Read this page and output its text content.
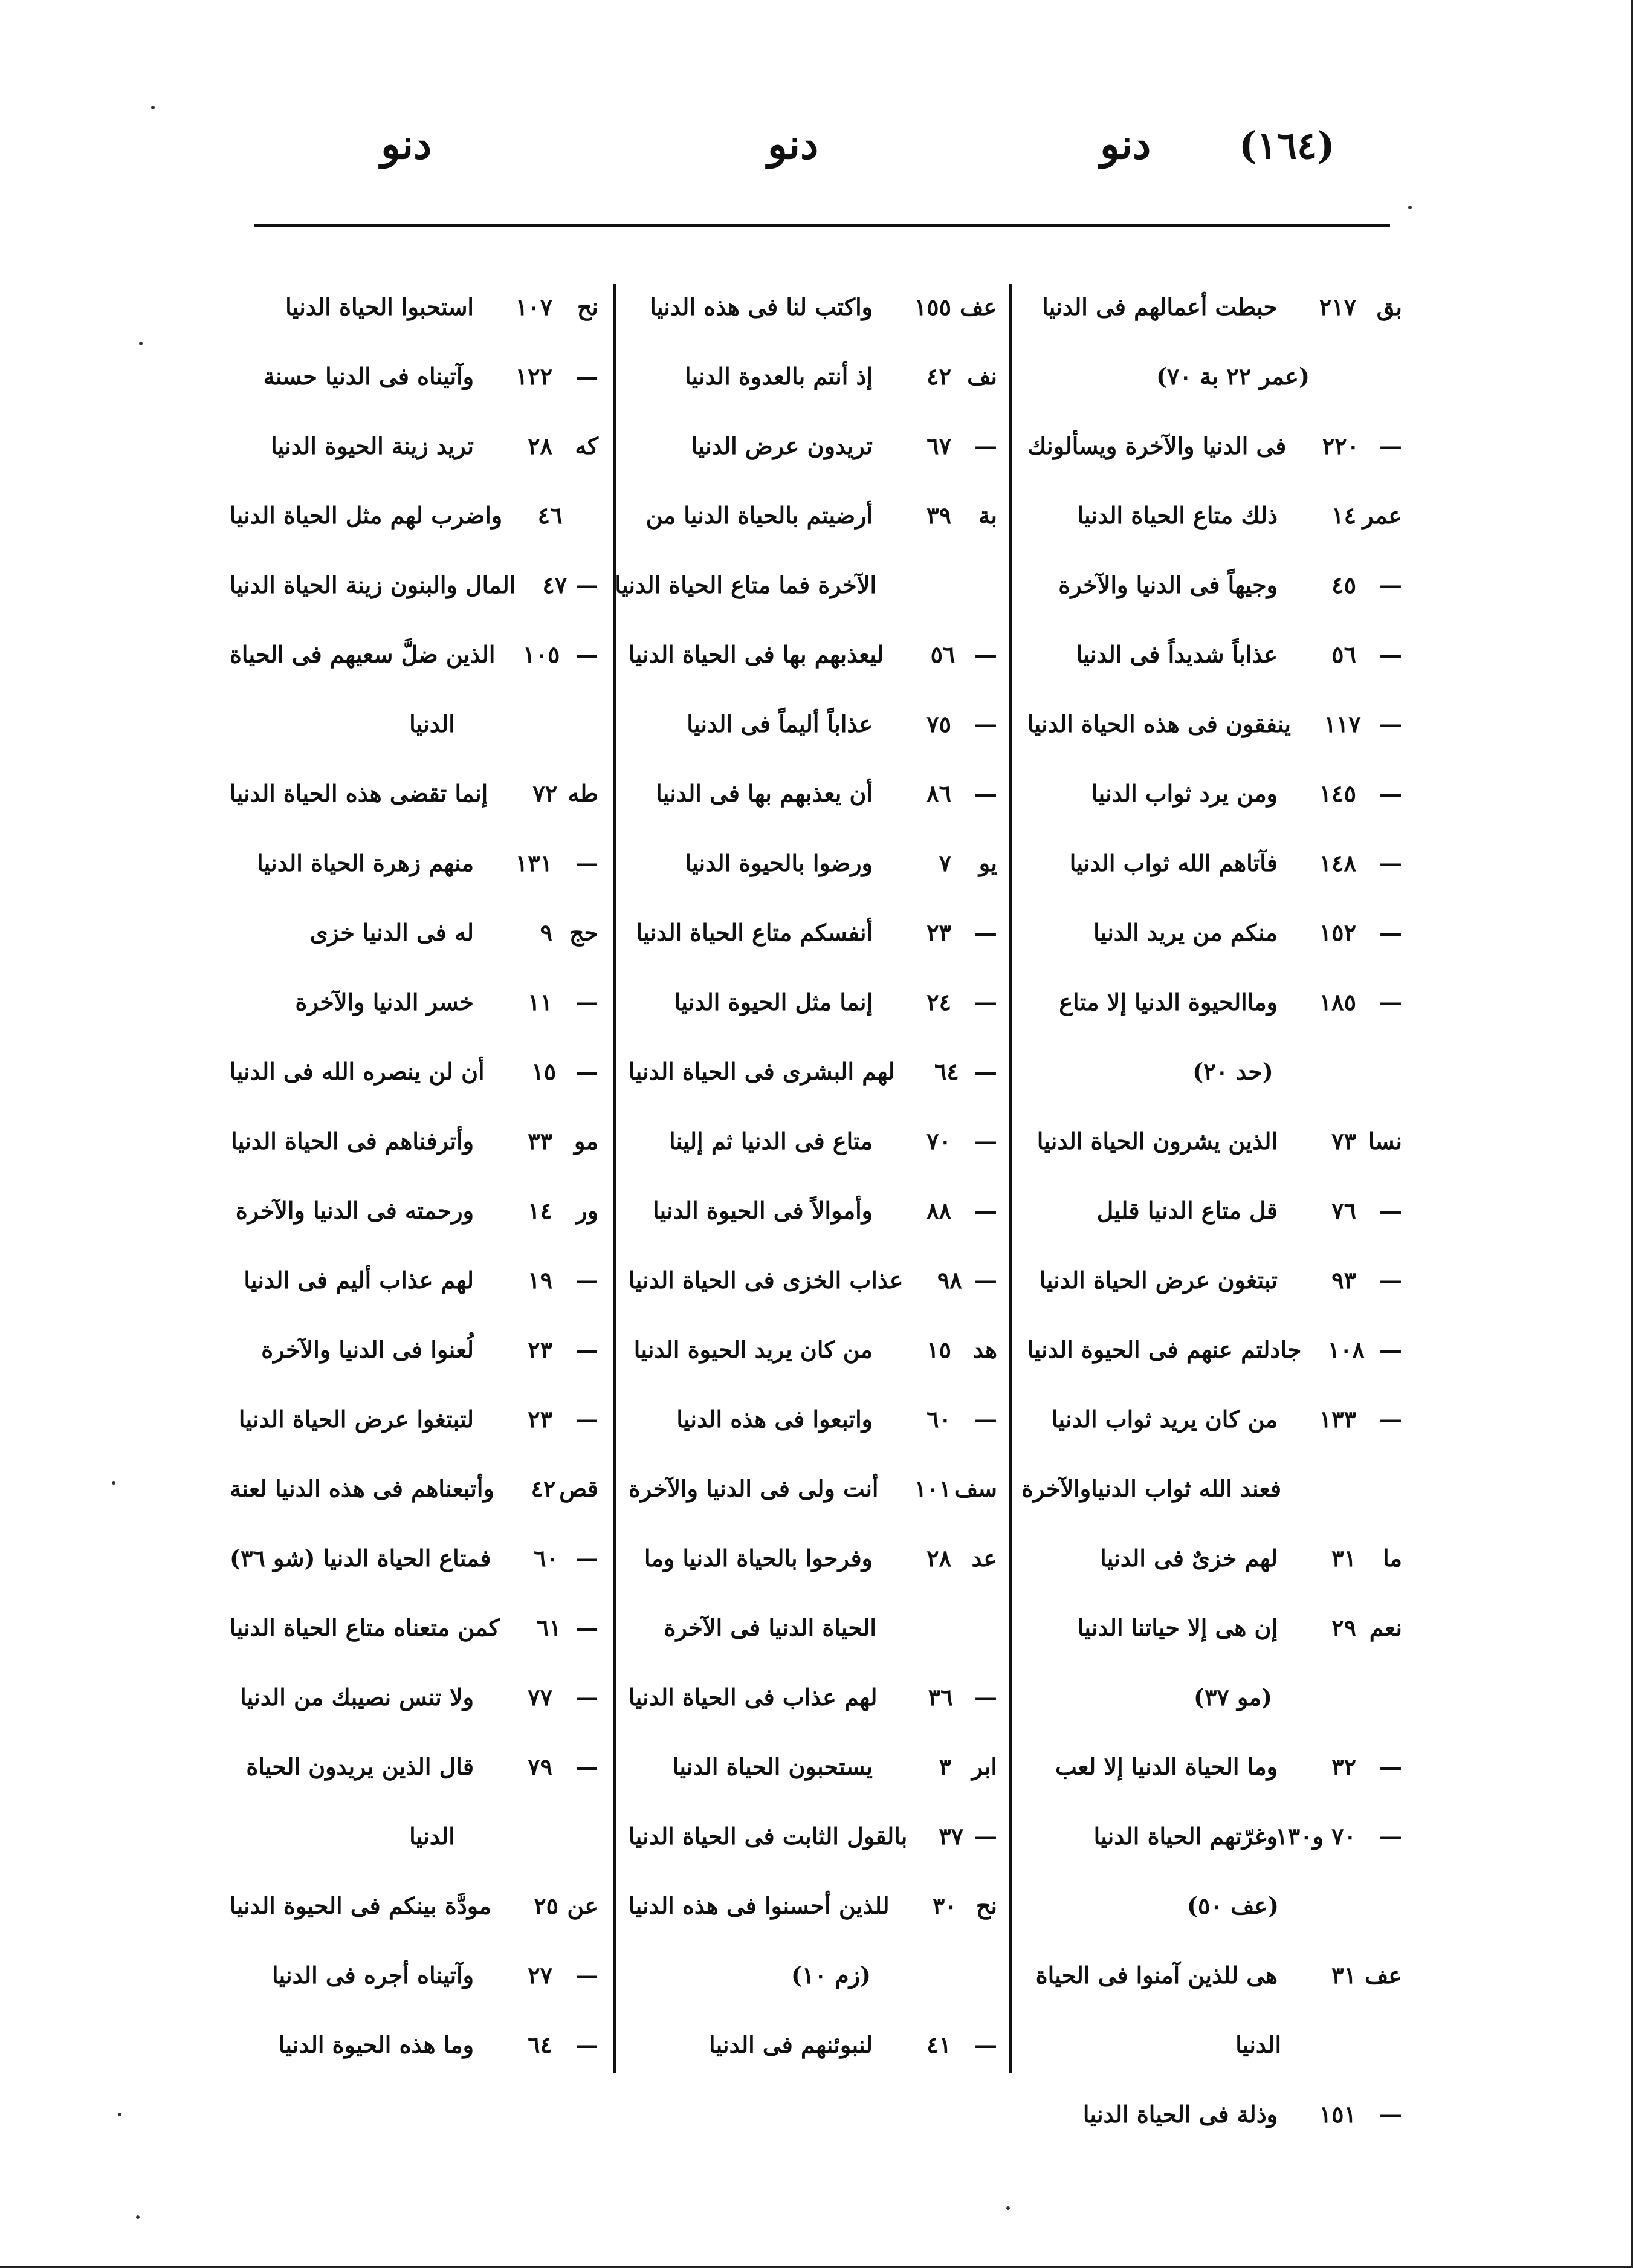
(١٦٤)
دنو
دنو
دنو
بق
٢١٧
حبطت أعمالهم فى الدنيا
(عمر ٢٢ بة ٧٠)
—
٢٢٠
فى الدنيا والآخرة ويسألونك
عمر
١٤
ذلك متاع الحياة الدنيا
—
٤٥
وجيهاً فى الدنيا والآخرة
—
٥٦
عذاباً شديداً فى الدنيا
—
١١٧
ينفقون فى هذه الحياة الدنيا
—
١٤٥
ومن يرد ثواب الدنيا
—
١٤٨
فآتاهم الله ثواب الدنيا
—
١٥٢
منكم من يريد الدنيا
—
١٨٥
وماالحيوة الدنيا إلا متاع
(حد ٢٠)
نسا
٧٣
الذين يشرون الحياة الدنيا
—
٧٦
قل متاع الدنيا قليل
—
٩٣
تبتغون عرض الحياة الدنيا
—
١٠٨
جادلتم عنهم فى الحيوة الدنيا
—
١٣٣
من كان يريد ثواب الدنيا
فعند الله ثواب الدنياوالآخرة
ما
٣١
لهم خزىٌ فى الدنيا
نعم
٢٩
إن هى إلا حياتنا الدنيا
(مو ٣٧)
—
٣٢
وما الحياة الدنيا إلا لعب
—
٧٠ و١٣٠
وغرّتهم الحياة الدنيا
(عف ٥٠)
عف
٣١
هى للذين آمنوا فى الحياة
الدنيا
—
١٥١
وذلة فى الحياة الدنيا
عف
١٥٥
واكتب لنا فى هذه الدنيا
نف
٤٢
إذ أنتم بالعدوة الدنيا
—
٦٧
تريدون عرض الدنيا
بة
٣٩
أرضيتم بالحياة الدنيا من
الآخرة فما متاع الحياة الدنيا
—
٥٦
ليعذبهم بها فى الحياة الدنيا
—
٧٥
عذاباً أليماً فى الدنيا
—
٨٦
أن يعذبهم بها فى الدنيا
يو
٧
ورضوا بالحيوة الدنيا
—
٢٣
أنفسكم متاع الحياة الدنيا
—
٢٤
إنما مثل الحيوة الدنيا
—
٦٤
لهم البشرى فى الحياة الدنيا
—
٧٠
متاع فى الدنيا ثم إلينا
—
٨٨
وأموالاً فى الحيوة الدنيا
—
٩٨
عذاب الخزى فى الحياة الدنيا
هد
١٥
من كان يريد الحيوة الدنيا
—
٦٠
واتبعوا فى هذه الدنيا
سف
١٠١
أنت ولى فى الدنيا والآخرة
عد
٢٨
وفرحوا بالحياة الدنيا وما
الحياة الدنيا فى الآخرة
—
٣٦
لهم عذاب فى الحياة الدنيا
ابر
٣
يستحبون الحياة الدنيا
—
٣٧
بالقول الثابت فى الحياة الدنيا
نح
٣٠
للذين أحسنوا فى هذه الدنيا
(زم ١٠)
—
٤١
لنبوئنهم فى الدنيا
نح
١٠٧
استحبوا الحياة الدنيا
—
١٢٢
وآتيناه فى الدنيا حسنة
كه
٢٨
تريد زينة الحيوة الدنيا
٤٦
واضرب لهم مثل الحياة الدنيا
—
٤٧
المال والبنون زينة الحياة الدنيا
—
١٠٥
الذين ضلَّ سعيهم فى الحياة
الدنيا
طه
٧٢
إنما تقضى هذه الحياة الدنيا
—
١٣١
منهم زهرة الحياة الدنيا
حج
٩
له فى الدنيا خزى
—
١١
خسر الدنيا والآخرة
—
١٥
أن لن ينصره الله فى الدنيا
مو
٣٣
وأترفناهم فى الحياة الدنيا
ور
١٤
ورحمته فى الدنيا والآخرة
—
١٩
لهم عذاب أليم فى الدنيا
—
٢٣
لُعنوا فى الدنيا والآخرة
—
٢٣
لتبتغوا عرض الحياة الدنيا
قص
٤٢
وأتبعناهم فى هذه الدنيا لعنة
—
٦٠
فمتاع الحياة الدنيا (شو ٣٦)
—
٦١
كمن متعناه متاع الحياة الدنيا
—
٧٧
ولا تنس نصيبك من الدنيا
—
٧٩
قال الذين يريدون الحياة
الدنيا
عن
٢٥
مودَّة بينكم فى الحيوة الدنيا
—
٢٧
وآتيناه أجره فى الدنيا
—
٦٤
وما هذه الحيوة الدنيا
